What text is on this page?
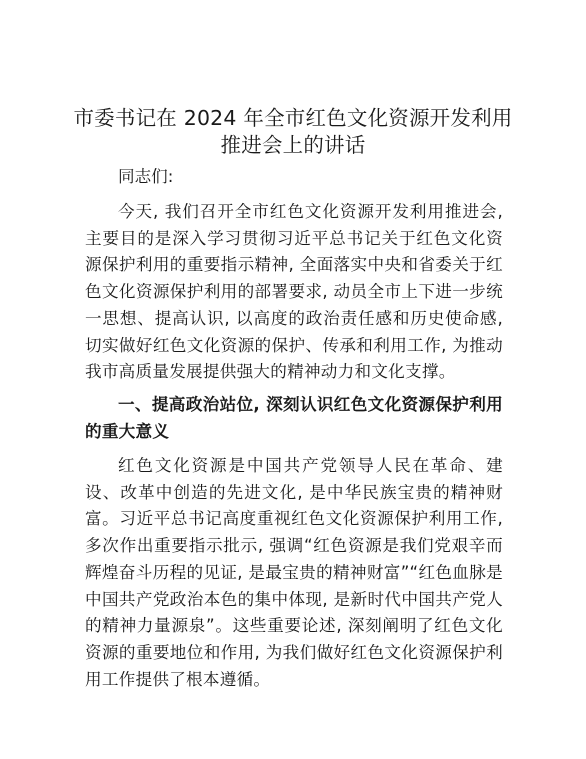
市委书记在 2024 年全市红色文化资源开发利用
推进会上的讲话

同志们:

今天, 我们召开全市红色文化资源开发利用推进会, 主要目的是深入学习贯彻习近平总书记关于红色文化资源保护利用的重要指示精神, 全面落实中央和省委关于红色文化资源保护利用的部署要求, 动员全市上下进一步统一思想、提高认识, 以高度的政治责任感和历史使命感, 切实做好红色文化资源的保护、传承和利用工作, 为推动我市高质量发展提供强大的精神动力和文化支撑。

一、提高政治站位, 深刻认识红色文化资源保护利用的重大意义

红色文化资源是中国共产党领导人民在革命、建设、改革中创造的先进文化, 是中华民族宝贵的精神财富。习近平总书记高度重视红色文化资源保护利用工作, 多次作出重要指示批示, 强调“红色资源是我们党艰辛而辉煌奋斗历程的见证, 是最宝贵的精神财富”“红色血脉是中国共产党政治本色的集中体现, 是新时代中国共产党人的精神力量源泉”。这些重要论述, 深刻阐明了红色文化资源的重要地位和作用, 为我们做好红色文化资源保护利用工作提供了根本遵循。
